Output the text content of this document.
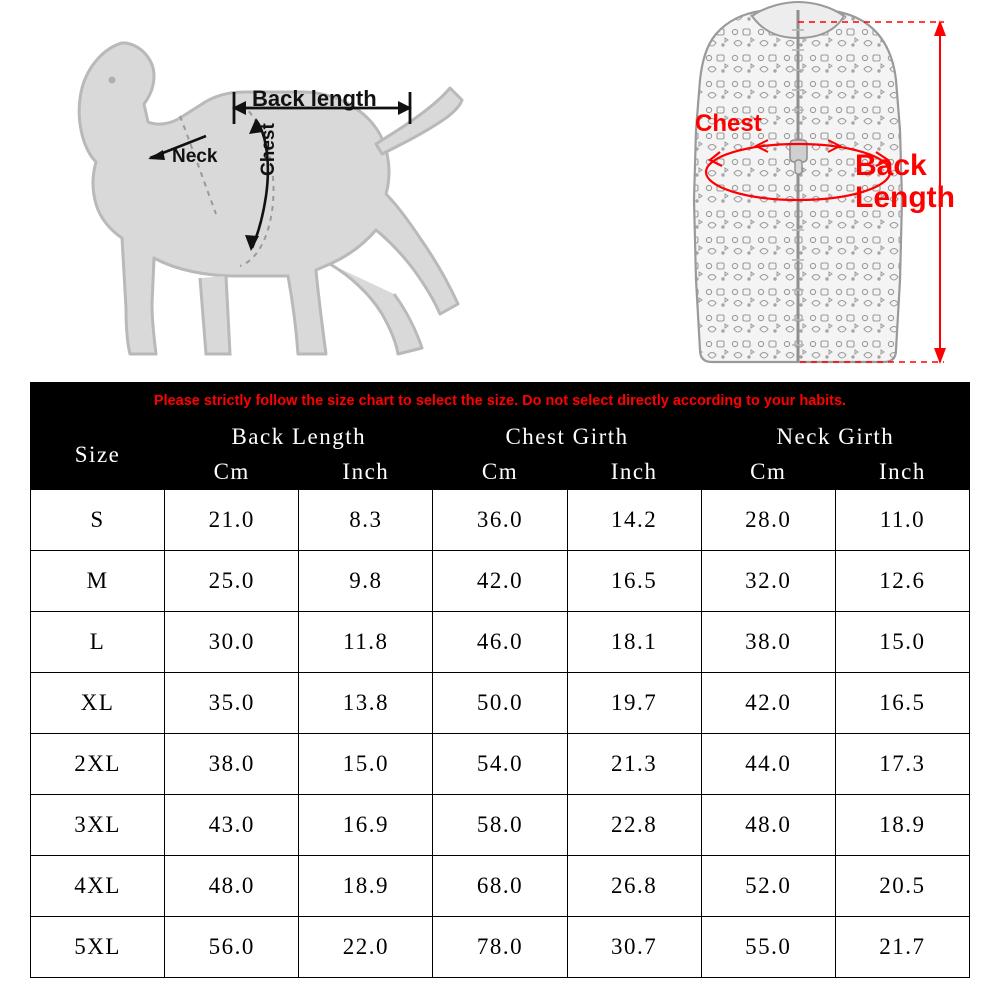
Neck Chest
Back length
Chest
Back
Length
Please strictly follow the size chart to select the size. Do not select directly according to your habits.						
Size	Back Length		Chest Girth		Neck Girth	
	Cm	Inch	Cm	Inch	Cm	Inch
S	21.0	8.3	36.0	14.2	28.0	11.0
M	25.0	9.8	42.0	16.5	32.0	12.6
L	30.0	11.8	46.0	18.1	38.0	15.0
XL	35.0	13.8	50.0	19.7	42.0	16.5
2XL	38.0	15.0	54.0	21.3	44.0	17.3
3XL	43.0	16.9	58.0	22.8	48.0	18.9
4XL	48.0	18.9	68.0	26.8	52.0	20.5
5XL	56.0	22.0	78.0	30.7	55.0	21.7
